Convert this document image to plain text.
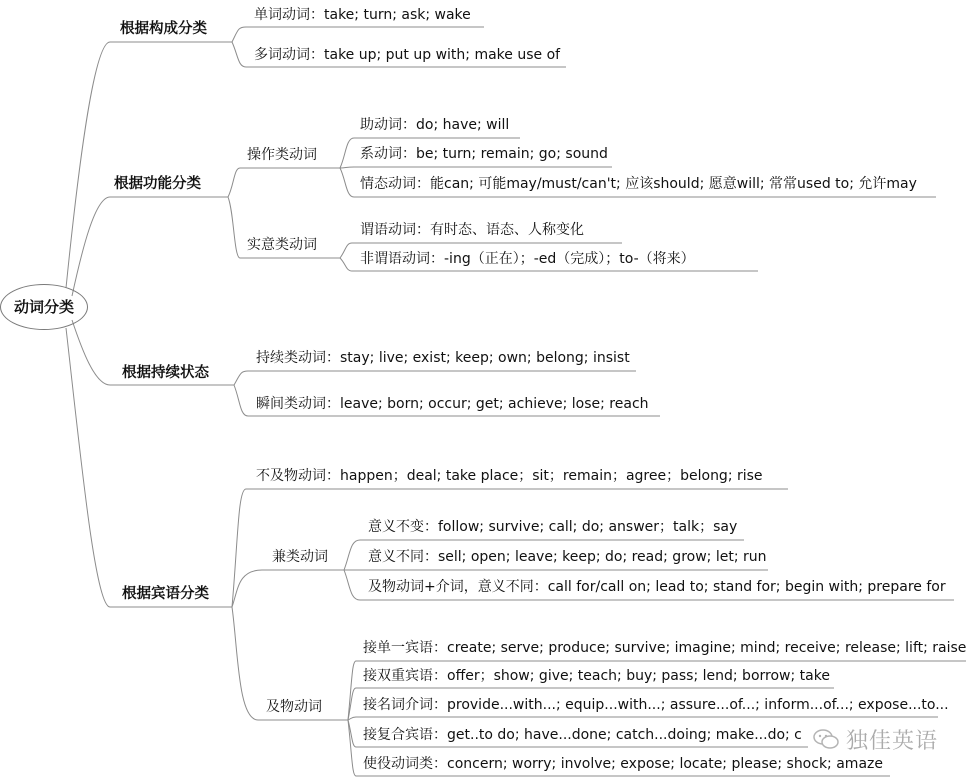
动词分类
根据构成分类
根据功能分类
根据持续状态
根据宾语分类
单词动词：take; turn; ask; wake
多词动词：take up; put up with; make use of
操作类动词
实意类动词
助动词：do; have; will
系动词：be; turn; remain; go; sound
情态动词：能can; 可能may/must/can't; 应该should; 愿意will; 常常used to; 允许may
谓语动词：有时态、语态、人称变化
非谓语动词：-ing（正在）；-ed（完成）；to-（将来）
持续类动词：stay; live; exist; keep; own; belong; insist
瞬间类动词：leave; born; occur; get; achieve; lose; reach
不及物动词：happen；deal; take place；sit；remain；agree；belong; rise
兼类动词
及物动词
意义不变：follow; survive; call; do; answer；talk；say
意义不同：sell; open; leave; keep; do; read; grow; let; run
及物动词+介词，意义不同：call for/call on; lead to; stand for; begin with; prepare for
接单一宾语：create; serve; produce; survive; imagine; mind; receive; release; lift; raise
接双重宾语：offer；show; give; teach; buy; pass; lend; borrow; take
接名词介词：provide...with...; equip...with...; assure...of...; inform...of...; expose...to...
接复合宾语：get..to do; have...done; catch...doing; make...do; c
使役动词类：concern; worry; involve; expose; locate; please; shock; amaze
独佳英语
